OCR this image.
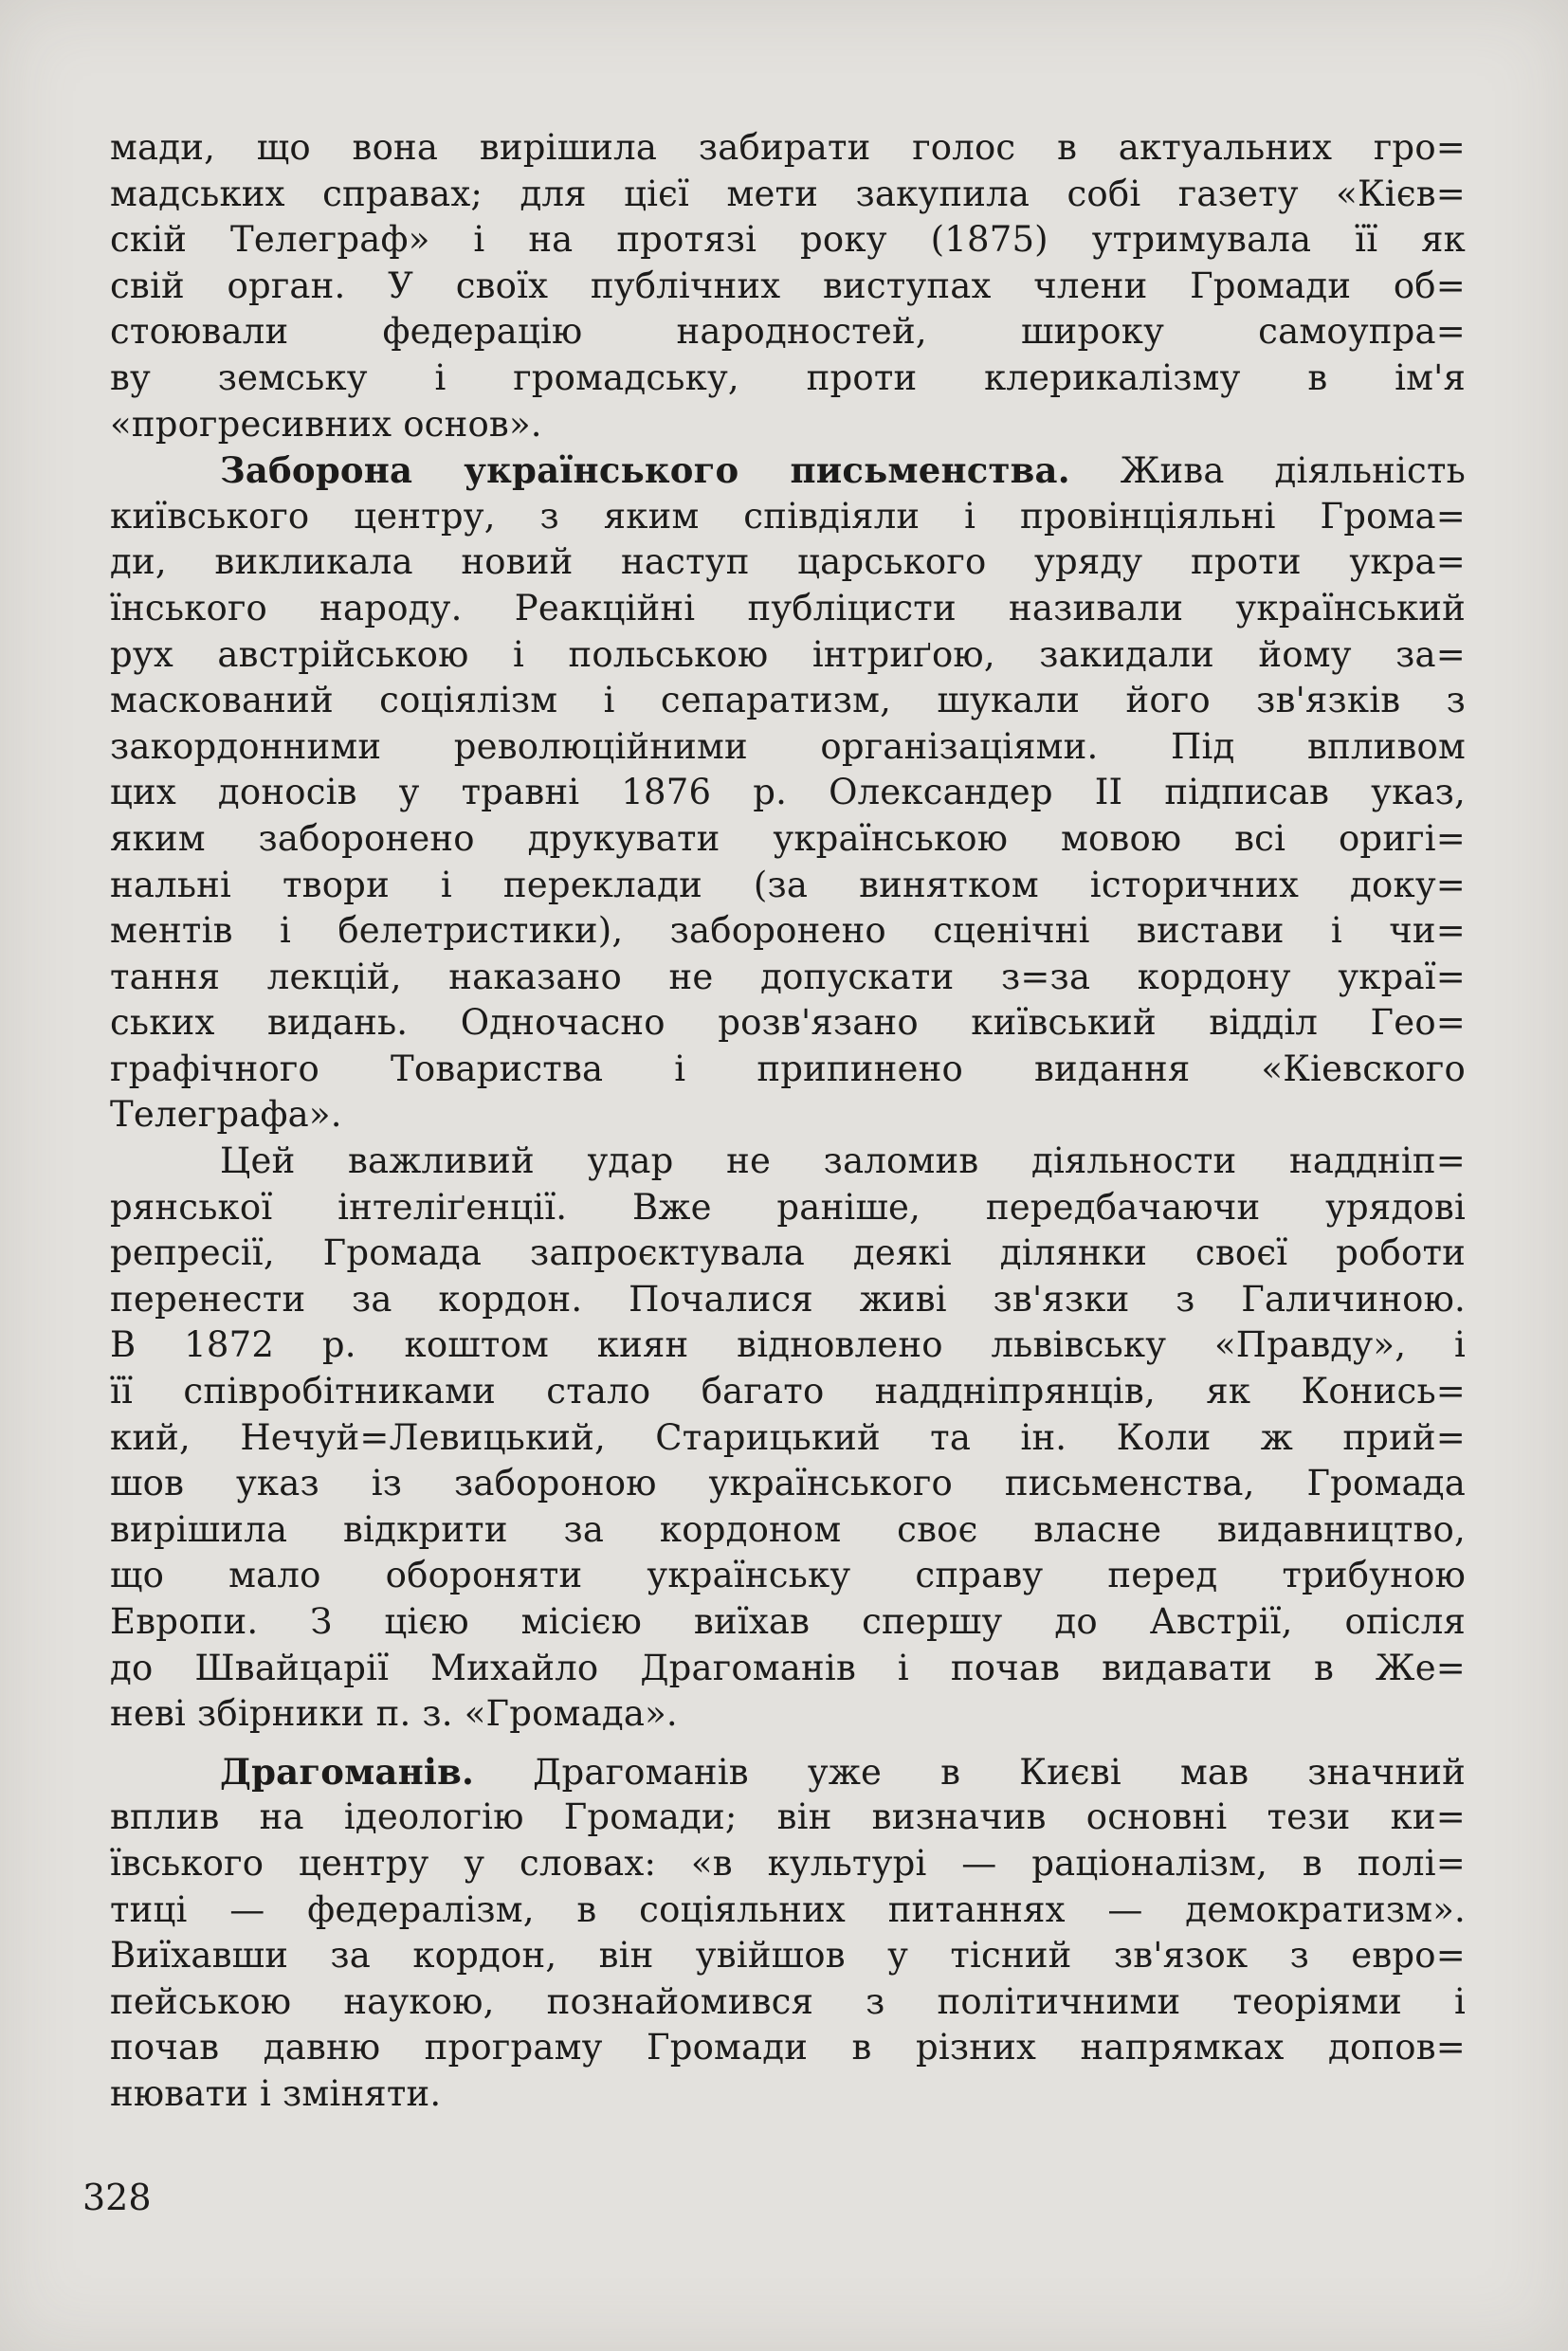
мади, що вона вирішила забирати голос в актуальних гро=
мадських справах; для цієї мети закупила собі газету «Кієв=
скій Телеграф» і на протязі року (1875) утримувала її як
свій орган. У своїх публічних виступах члени Громади об=
стоювали федерацію народностей, широку самоупра=
ву земську і громадську, проти клерикалізму в ім'я
«прогресивних основ».
Заборона українського письменства. Жива діяльність
київського центру, з яким співдіяли і провінціяльні Грома=
ди, викликала новий наступ царського уряду проти укра=
їнського народу. Реакційні публіцисти називали український
рух австрійською і польською інтриґою, закидали йому за=
маскований соціялізм і сепаратизм, шукали його зв'язків з
закордонними революційними організаціями. Під впливом
цих доносів у травні 1876 р. Олександер II підписав указ,
яким заборонено друкувати українською мовою всі оригі=
нальні твори і переклади (за винятком історичних доку=
ментів і белетристики), заборонено сценічні вистави і чи=
тання лекцій, наказано не допускати з=за кордону украї=
ських видань. Одночасно розв'язано київський відділ Гео=
графічного Товариства і припинено видання «Кіевского
Телеграфа».
Цей важливий удар не заломив діяльности наддніп=
рянської інтеліґенції. Вже раніше, передбачаючи урядові
репресії, Громада запроєктувала деякі ділянки своєї роботи
перенести за кордон. Почалися живі зв'язки з Галичиною.
В 1872 р. коштом киян відновлено львівську «Правду», і
її співробітниками стало багато наддніпрянців, як Конись=
кий, Нечуй=Левицький, Старицький та ін. Коли ж прий=
шов указ із забороною українського письменства, Громада
вирішила відкрити за кордоном своє власне видавництво,
що мало обороняти українську справу перед трибуною
Европи. З цією місією виїхав спершу до Австрії, опісля
до Швайцарії Михайло Драгоманів і почав видавати в Же=
неві збірники п. з. «Громада».
Драгоманів. Драгоманів уже в Києві мав значний
вплив на ідеологію Громади; він визначив основні тези ки=
ївського центру у словах: «в культурі — раціоналізм, в полі=
тиці — федералізм, в соціяльних питаннях — демократизм».
Виїхавши за кордон, він увійшов у тісний зв'язок з евро=
пейською наукою, познайомився з політичними теоріями і
почав давню програму Громади в різних напрямках допов=
нювати і зміняти.
328
